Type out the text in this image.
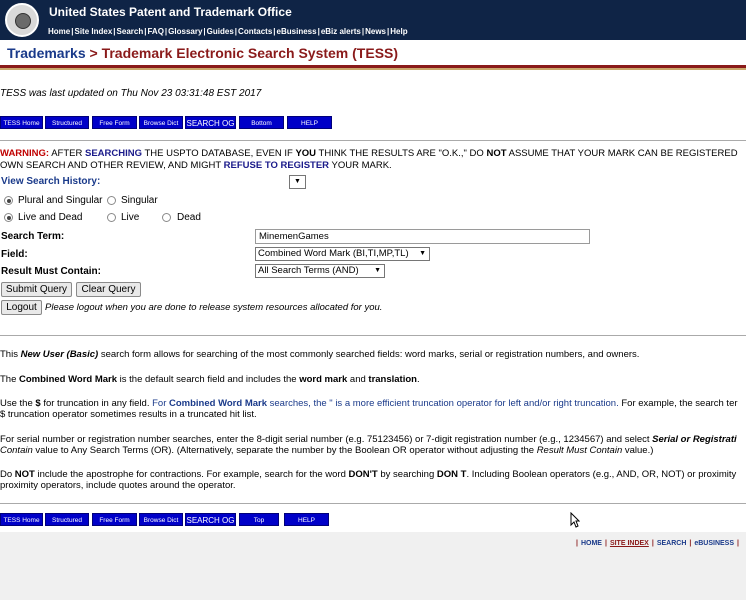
United States Patent and Trademark Office
Home|Site Index|Search|FAQ|Glossary|Guides|Contacts|eBusiness|eBiz alerts|News|Help
Trademarks > Trademark Electronic Search System (TESS)
TESS was last updated on Thu Nov 23 03:31:48 EST 2017
TESS Home	Structured	Free Form	Browse Dict	SEARCH OG	Bottom	HELP
WARNING: AFTER SEARCHING THE USPTO DATABASE, EVEN IF YOU THINK THE RESULTS ARE "O.K.," DO NOT ASSUME THAT YOUR MARK CAN BE REGISTERED
OWN SEARCH AND OTHER REVIEW, AND MIGHT REFUSE TO REGISTER YOUR MARK.
View Search History:	▼
Plural and Singular Singular
Live and Dead	Live	Dead
Search Term:	MinemenGames
Field:	Combined Word Mark (BI,TI,MP,TL) ▼
Result Must Contain:	All Search Terms (AND) ▼
Submit Query	Clear Query
Logout Please logout when you are done to release system resources allocated for you.
This New User (Basic) search form allows for searching of the most commonly searched fields: word marks, serial or registration numbers, and owners.
The Combined Word Mark is the default search field and includes the word mark and translation.
Use the $ for truncation in any field. For Combined Word Mark searches, the " is a more efficient truncation operator for left and/or right truncation. For example, the search ter
$ truncation operator sometimes results in a truncated hit list.
For serial number or registration number searches, enter the 8-digit serial number (e.g. 75123456) or 7-digit registration number (e.g., 1234567) and select Serial or Registrati
Contain value to Any Search Terms (OR). (Alternatively, separate the number by the Boolean OR operator without adjusting the Result Must Contain value.)
Do NOT include the apostrophe for contractions. For example, search for the word DON'T by searching DON T. Including Boolean operators (e.g., AND, OR, NOT) or proximity
proximity operators, include quotes around the operator.
TESS Home	Structured	Free Form	Browse Dict	SEARCH OG	Top	HELP
| HOME | SITE INDEX | SEARCH | eBUSINESS |
